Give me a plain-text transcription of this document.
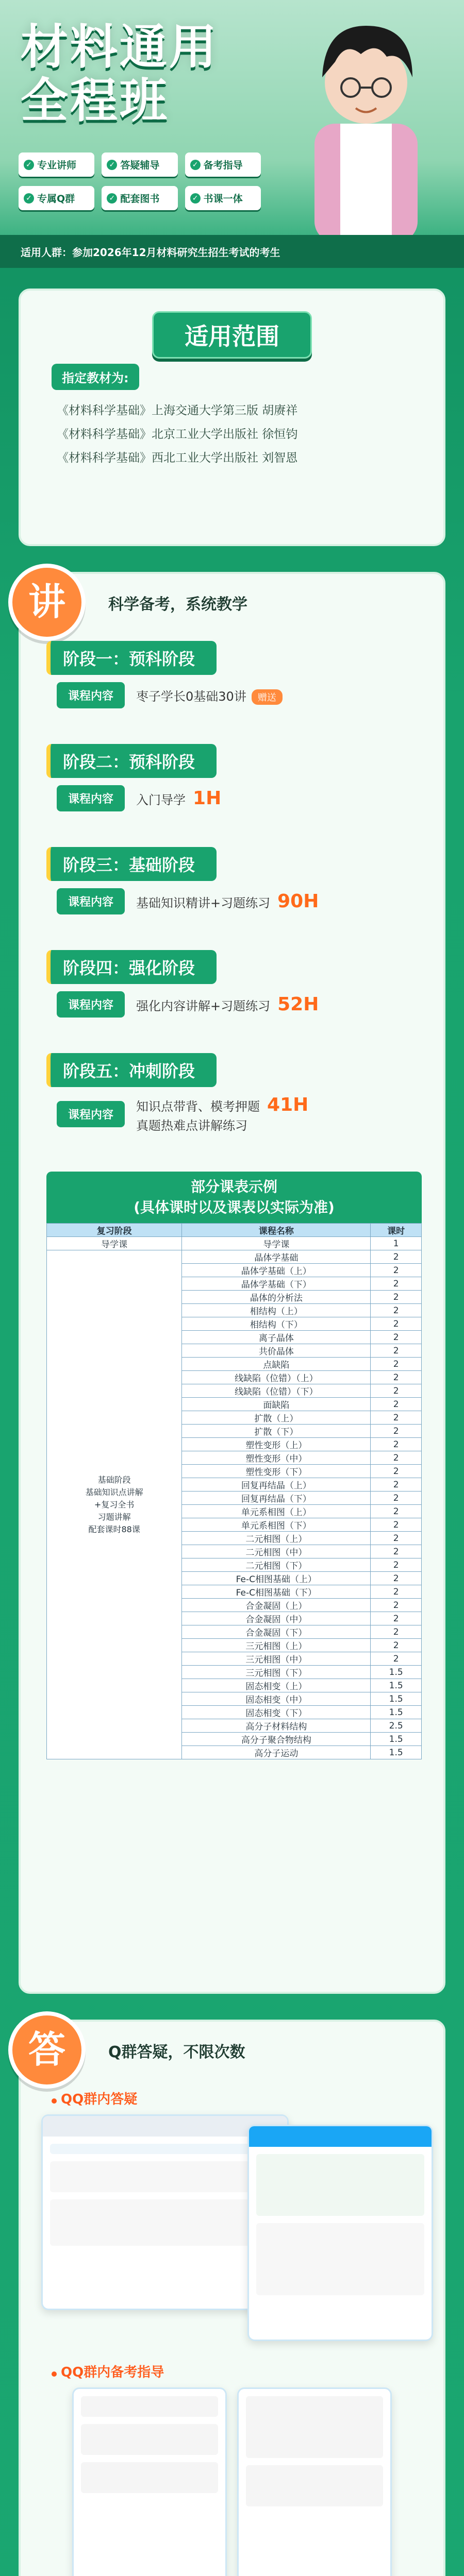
材料通用
全程班
✓ 专业讲师	✓ 答疑辅导	✓ 备考指导
✓ 专属Q群	✓ 配套图书	✓ 书课一体
适用人群：参加2026年12月材料研究生招生考试的考生
适用范围
指定教材为:
《材料科学基础》上海交通大学第三版 胡赓祥
《材料科学基础》北京工业大学出版社 徐恒钧
《材料科学基础》西北工业大学出版社 刘智恩
讲	科学备考，系统教学
阶段一：预科阶段
课程内容	枣子学长0基础30讲 赠送
阶段二：预科阶段
课程内容	入门导学 1H
阶段三：基础阶段
课程内容	基础知识精讲+习题练习 90H
阶段四：强化阶段
课程内容	强化内容讲解+习题练习 52H
阶段五：冲刺阶段
课程内容
知识点带背、模考押题 41H
真题热难点讲解练习
部分课表示例
(具体课时以及课表以实际为准)
复习阶段	课程名称	课时
导学课	导学课	1
基础阶段
基础知识点讲解
+复习全书
习题讲解
配套课时88课	晶体学基础	2
	晶体学基础（上）	2
	晶体学基础（下）	2
	晶体的分析法	2
	相结构（上）	2
	相结构（下）	2
	离子晶体	2
	共价晶体	2
	点缺陷	2
	线缺陷（位错）（上）	2
	线缺陷（位错）（下）	2
	面缺陷	2
	扩散（上）	2
	扩散（下）	2
	塑性变形（上）	2
	塑性变形（中）	2
	塑性变形（下）	2
	回复再结晶（上）	2
	回复再结晶（下）	2
	单元系相图（上）	2
	单元系相图（下）	2
	二元相图（上）	2
	二元相图（中）	2
	二元相图（下）	2
	Fe-C相图基础（上）	2
	Fe-C相图基础（下）	2
	合金凝固（上）	2
	合金凝固（中）	2
	合金凝固（下）	2
	三元相图（上）	2
	三元相图（中）	2
	三元相图（下）	1.5
	固态相变（上）	1.5
	固态相变（中）	1.5
	固态相变（下）	1.5
	高分子材料结构	2.5
	高分子聚合物结构	1.5
	高分子运动	1.5
答	Q群答疑，不限次数
QQ群内答疑
QQ群内备考指导
